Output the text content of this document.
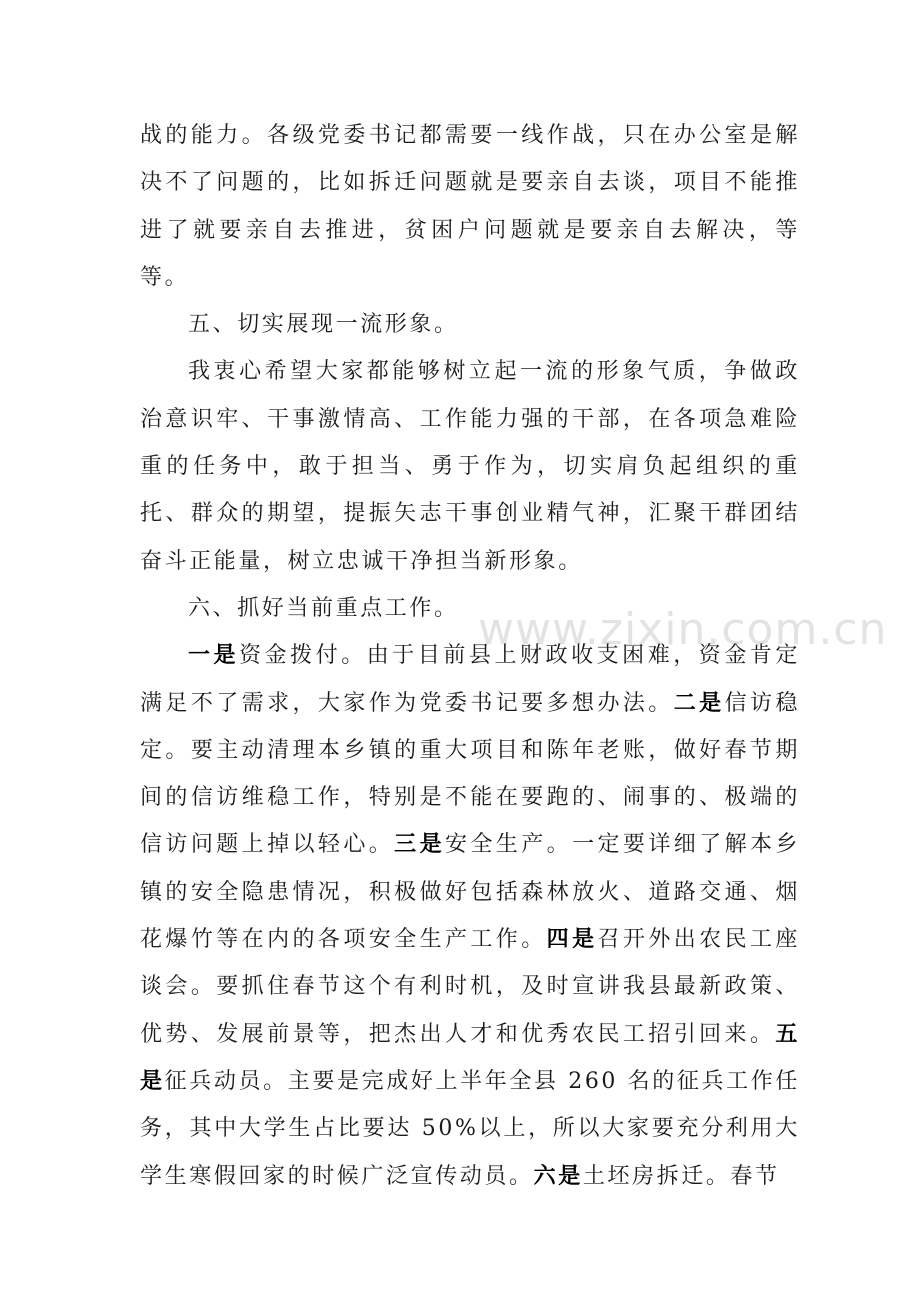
战的能力。各级党委书记都需要一线作战，只在办公室是解决不了问题的，比如拆迁问题就是要亲自去谈，项目不能推进了就要亲自去推进，贫困户问题就是要亲自去解决，等等。

五、切实展现一流形象。

我衷心希望大家都能够树立起一流的形象气质，争做政治意识牢、干事激情高、工作能力强的干部，在各项急难险重的任务中，敢于担当、勇于作为，切实肩负起组织的重托、群众的期望，提振矢志干事创业精气神，汇聚干群团结奋斗正能量，树立忠诚干净担当新形象。

六、抓好当前重点工作。

一是资金拨付。由于目前县上财政收支困难，资金肯定满足不了需求，大家作为党委书记要多想办法。二是信访稳定。要主动清理本乡镇的重大项目和陈年老账，做好春节期间的信访维稳工作，特别是不能在要跑的、闹事的、极端的信访问题上掉以轻心。三是安全生产。一定要详细了解本乡镇的安全隐患情况，积极做好包括森林放火、道路交通、烟花爆竹等在内的各项安全生产工作。四是召开外出农民工座谈会。要抓住春节这个有利时机，及时宣讲我县最新政策、优势、发展前景等，把杰出人才和优秀农民工招引回来。五是征兵动员。主要是完成好上半年全县 260 名的征兵工作任务，其中大学生占比要达 50%以上，所以大家要充分利用大学生寒假回家的时候广泛宣传动员。六是土坯房拆迁。春节

www.zixin.com.cn
